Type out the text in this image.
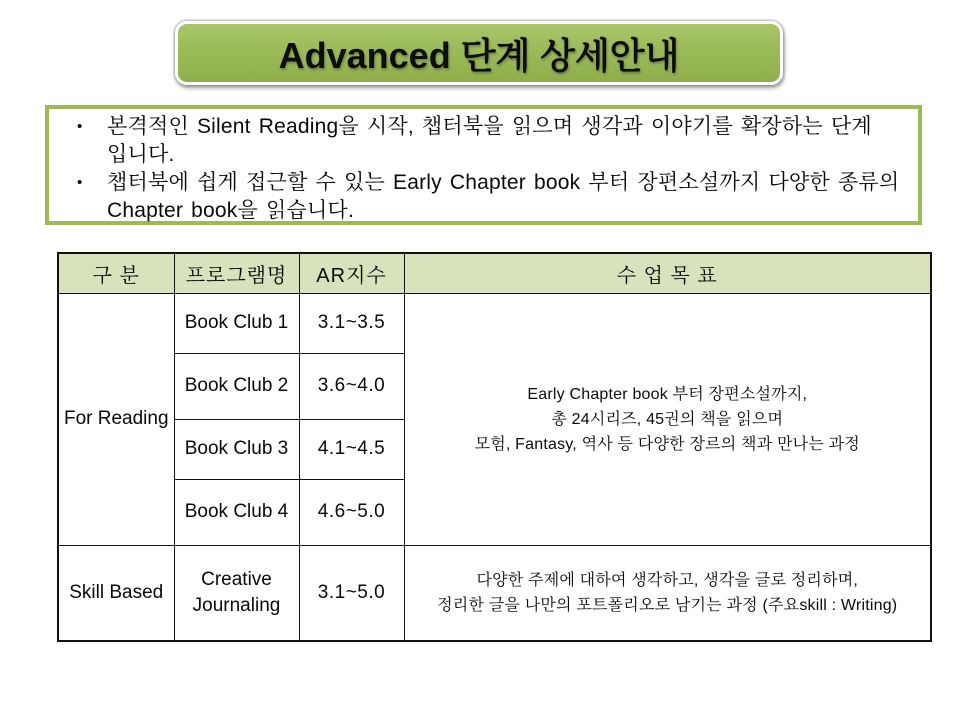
Advanced 단계 상세안내
•	본격적인 Silent Reading을 시작, 챕터북을 읽으며 생각과 이야기를 확장하는 단계
입니다.
•	챕터북에 쉽게 접근할 수 있는 Early Chapter book 부터 장편소설까지 다양한 종류의
Chapter book을 읽습니다.
구 분	프로그램명	AR지수	수 업 목 표
For Reading	Book Club 1	3.1~3.5	Early Chapter book 부터 장편소설까지,
총 24시리즈, 45권의 책을 읽으며
모험, Fantasy, 역사 등 다양한 장르의 책과 만나는 과정

	Book Club 2	3.6~4.0	
	Book Club 3	4.1~4.5	
	Book Club 4	4.6~5.0	
Skill Based	Creative
Journaling	3.1~5.0	다양한 주제에 대하여 생각하고, 생각을 글로 정리하며,
정리한 글을 나만의 포트폴리오로 남기는 과정 (주요skill : Writing)
